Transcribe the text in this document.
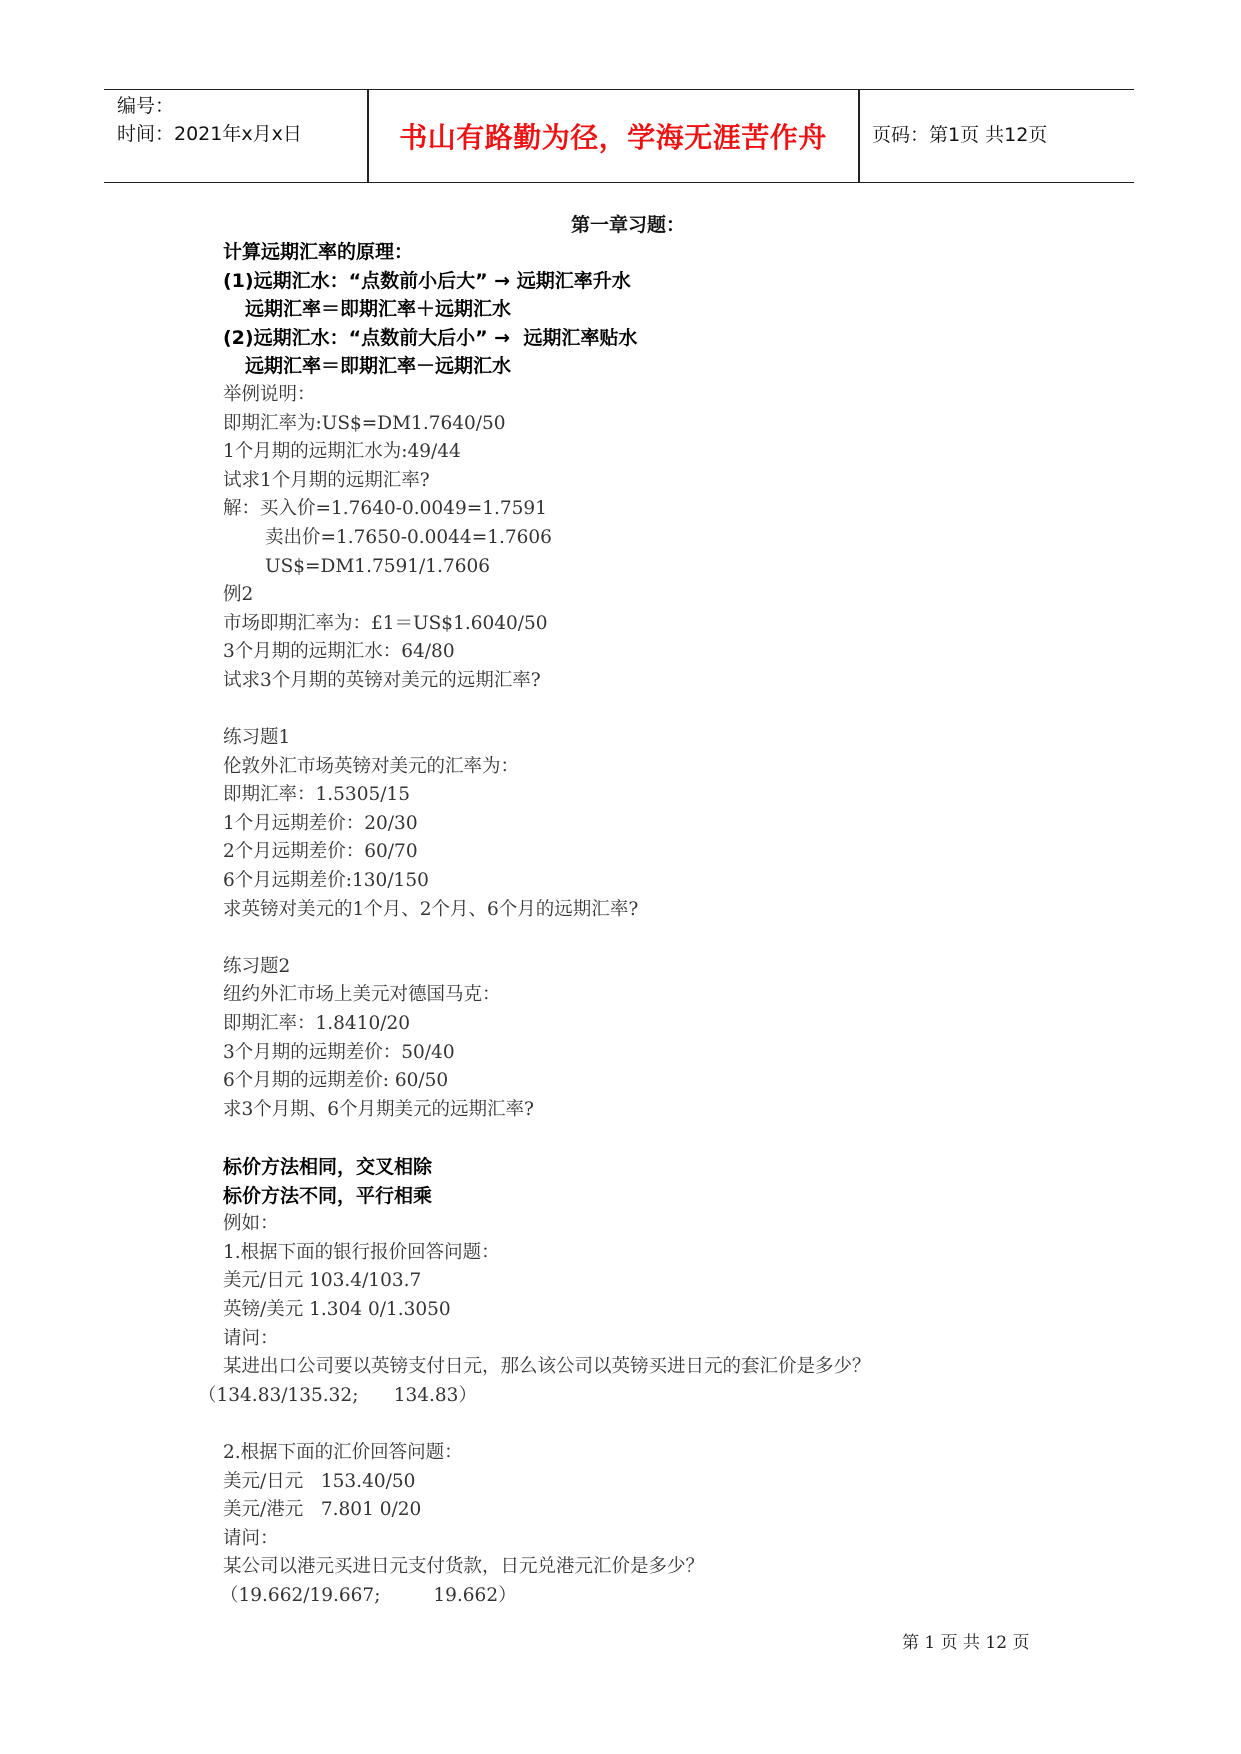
编号：
时间：2021年x月x日	书山有路勤为径，学海无涯苦作舟	页码：第1页 共12页
第一章习题：
计算远期汇率的原理：
(1)远期汇水：“点数前小后大” → 远期汇率升水
远期汇率＝即期汇率＋远期汇水
(2)远期汇水：“点数前大后小” →  远期汇率贴水
远期汇率＝即期汇率－远期汇水
举例说明：
即期汇率为:US$=DM1.7640/50
1个月期的远期汇水为:49/44
试求1个月期的远期汇率?
解：买入价=1.7640-0.0049=1.7591
卖出价=1.7650-0.0044=1.7606
US$=DM1.7591/1.7606
例2
市场即期汇率为：£1＝US$1.6040/50
3个月期的远期汇水：64/80
试求3个月期的英镑对美元的远期汇率?
练习题1
伦敦外汇市场英镑对美元的汇率为：
即期汇率：1.5305/15
1个月远期差价：20/30
2个月远期差价：60/70
6个月远期差价:130/150
求英镑对美元的1个月、2个月、6个月的远期汇率?
练习题2
纽约外汇市场上美元对德国马克：
即期汇率：1.8410/20
3个月期的远期差价：50/40
6个月期的远期差价: 60/50
求3个月期、6个月期美元的远期汇率?
标价方法相同，交叉相除
标价方法不同，平行相乘
例如：
1.根据下面的银行报价回答问题：
美元/日元 103.4/103.7
英镑/美元 1.304 0/1.3050
请问：
某进出口公司要以英镑支付日元，那么该公司以英镑买进日元的套汇价是多少？
（134.83/135.32;      134.83）
2.根据下面的汇价回答问题：
美元/日元   153.40/50
美元/港元   7.801 0/20
请问：
某公司以港元买进日元支付货款，日元兑港元汇价是多少？
（19.662/19.667;         19.662）
第 1 页 共 12 页
